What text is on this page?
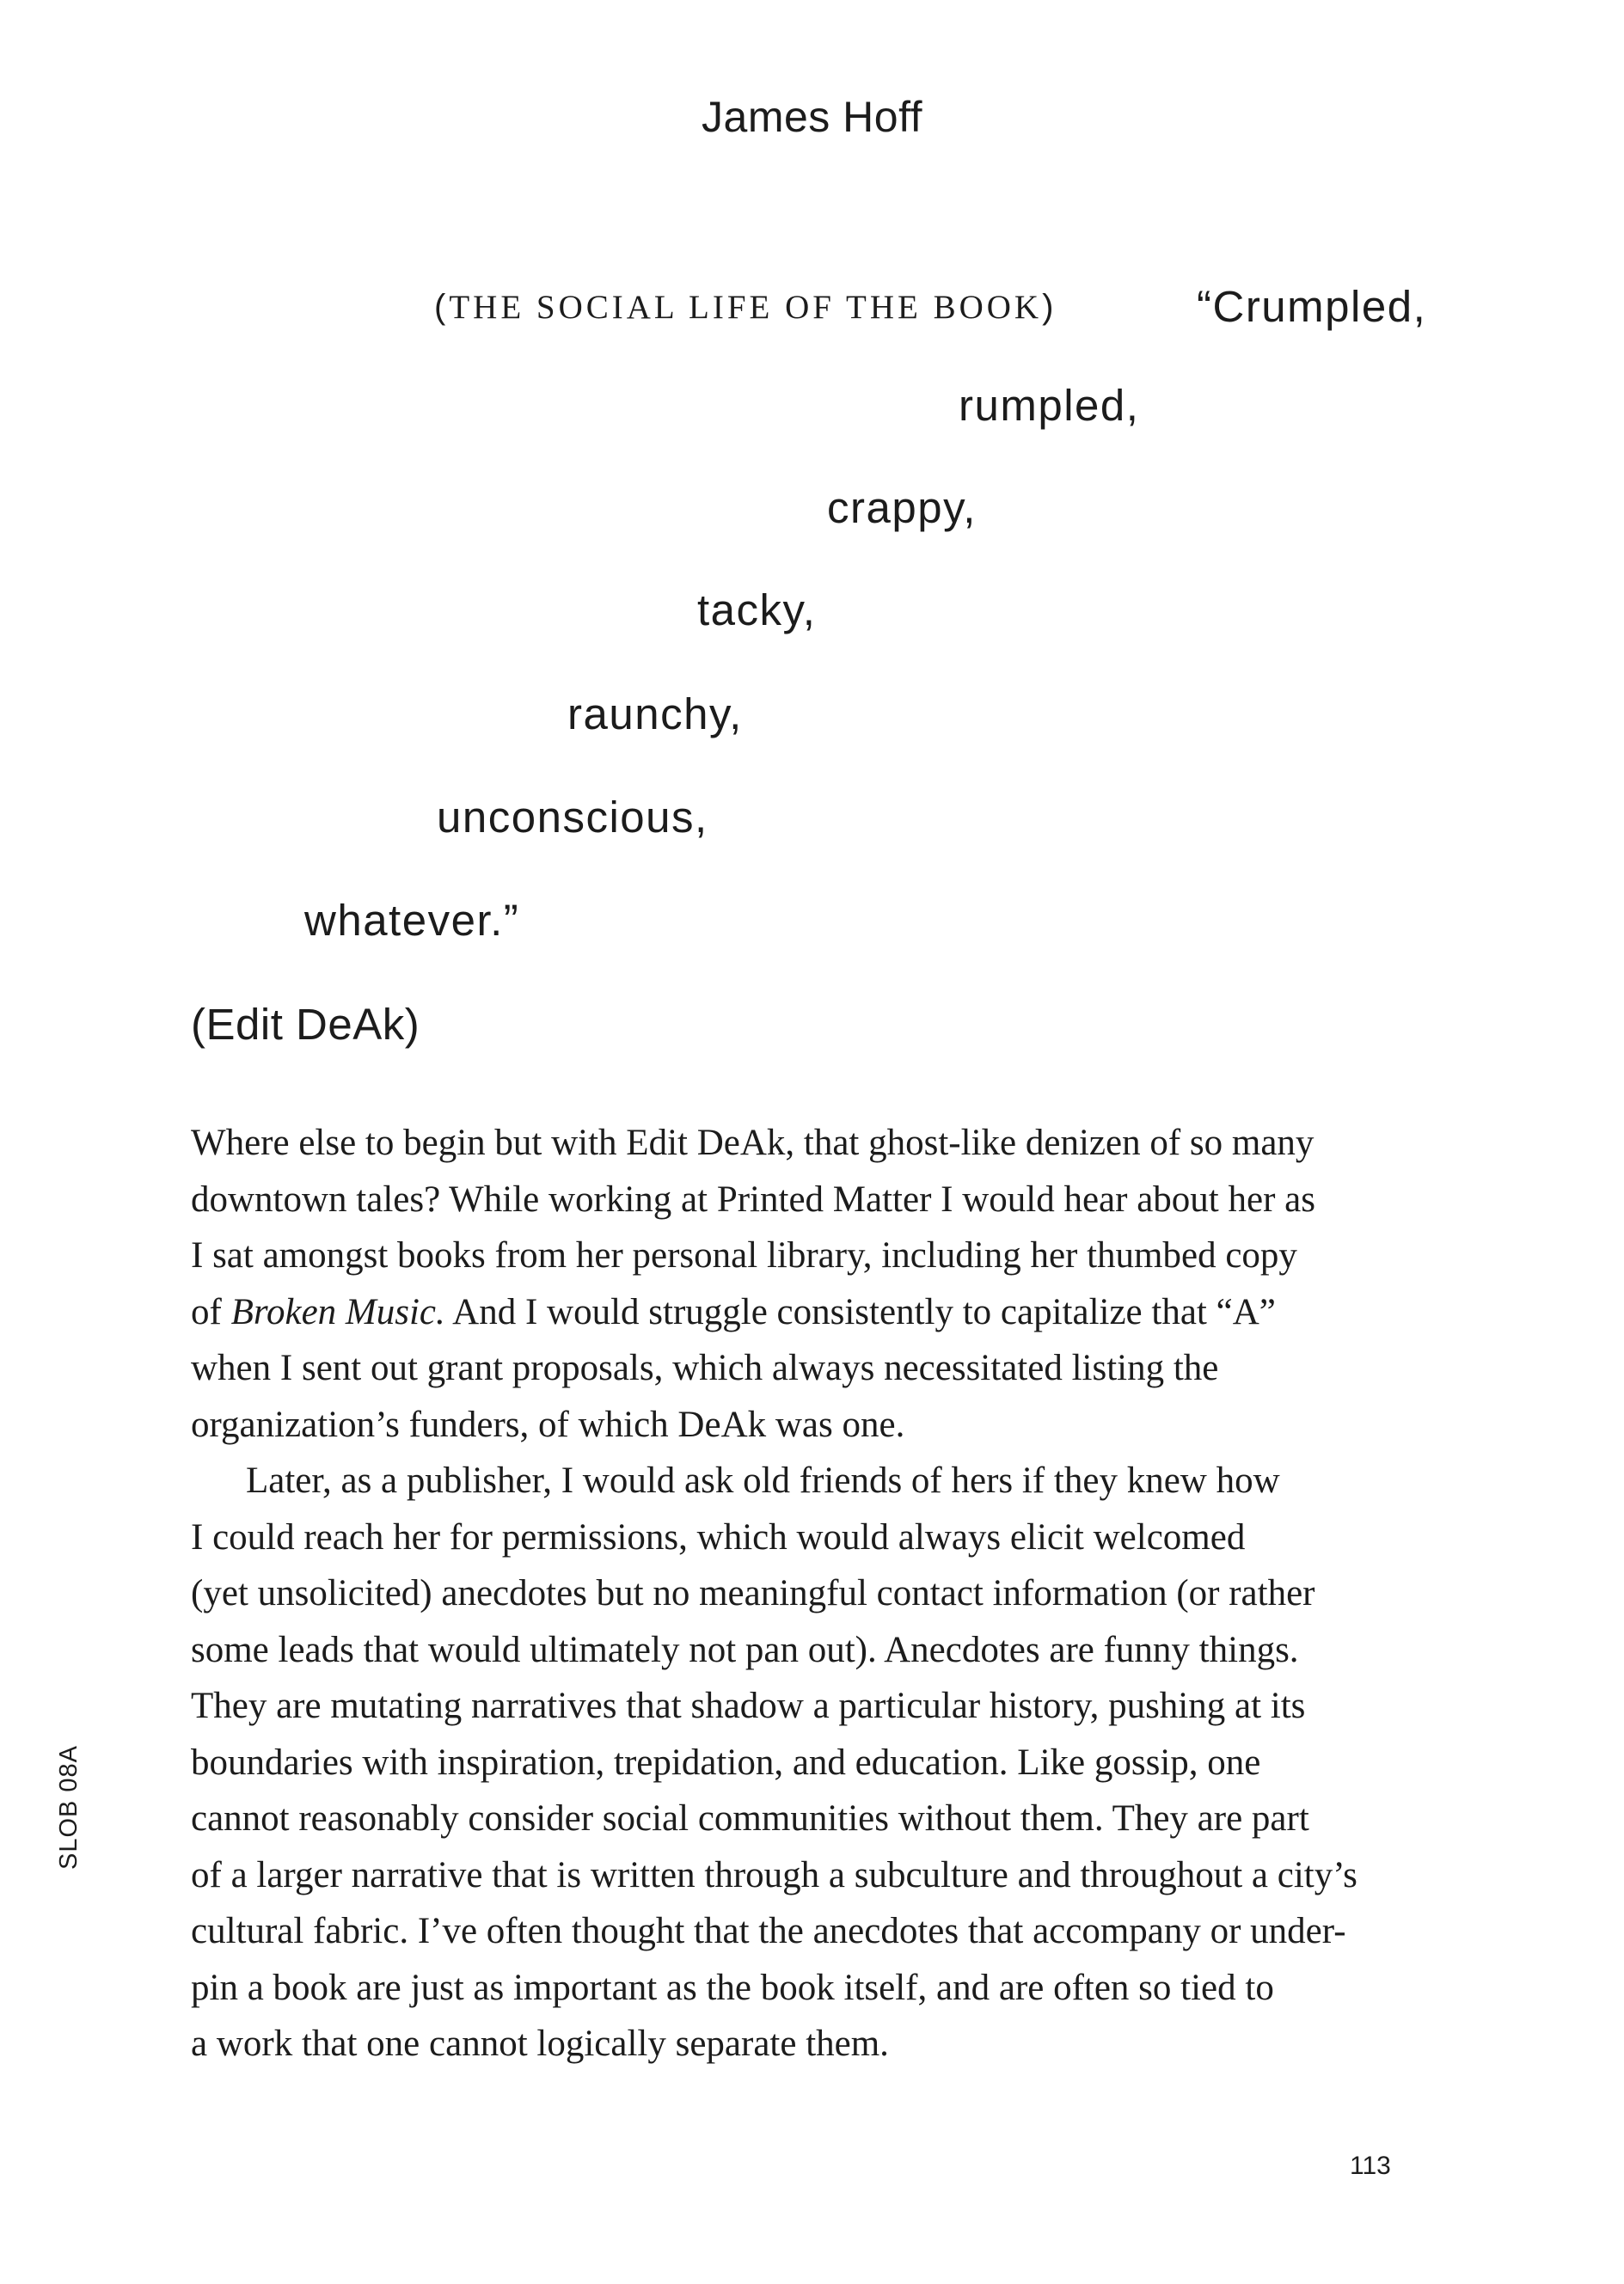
James Hoff
(THE SOCIAL LIFE OF THE BOOK)	“Crumpled,
rumpled,
crappy,
tacky,
raunchy,
unconscious,
whatever.”
(Edit DeAk)

Where else to begin but with Edit DeAk, that ghost-like denizen of so many
downtown tales? While working at Printed Matter I would hear about her as
I sat amongst books from her personal library, including her thumbed copy
of Broken Music. And I would struggle consistently to capitalize that “A”
when I sent out grant proposals, which always necessitated listing the
organization’s funders, of which DeAk was one.

Later, as a publisher, I would ask old friends of hers if they knew how
I could reach her for permissions, which would always elicit welcomed
(yet unsolicited) anecdotes but no meaningful contact information (or rather
some leads that would ultimately not pan out). Anecdotes are funny things.
They are mutating narratives that shadow a particular history, pushing at its
boundaries with inspiration, trepidation, and education. Like gossip, one
cannot reasonably consider social communities without them. They are part
of a larger narrative that is written through a subculture and throughout a city’s
cultural fabric. I’ve often thought that the anecdotes that accompany or under-
pin a book are just as important as the book itself, and are often so tied to
a work that one cannot logically separate them.

SLOB 08A
113
